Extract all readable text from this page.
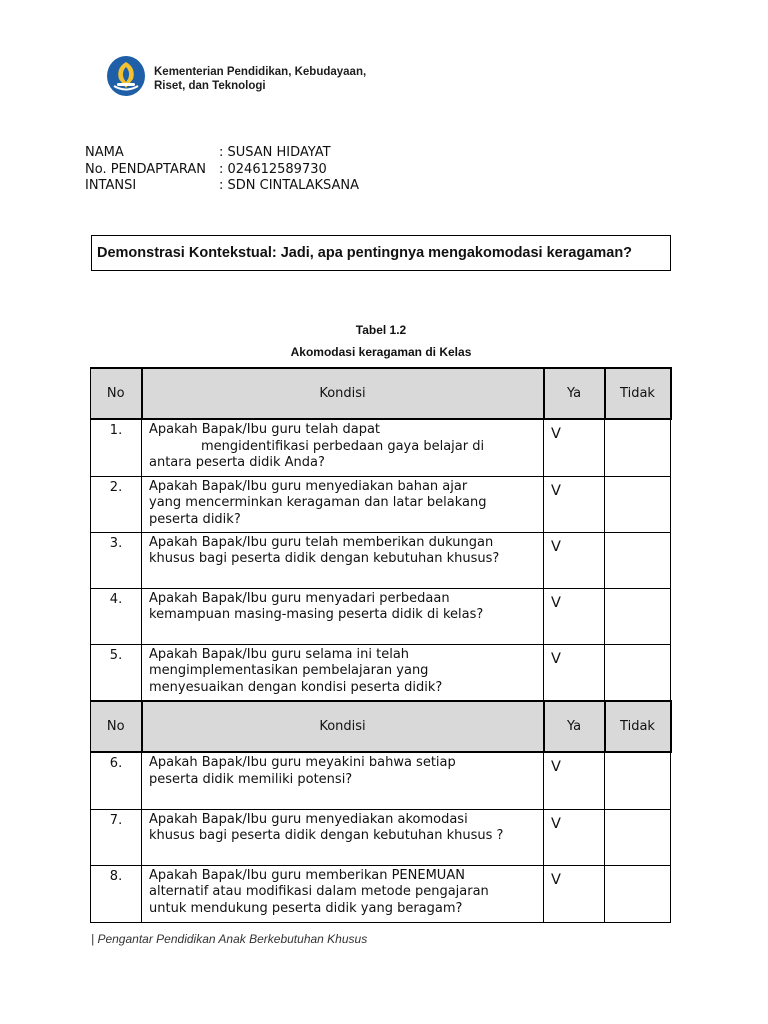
Kementerian Pendidikan, Kebudayaan,
Riset, dan Teknologi
NAMA	: SUSAN HIDAYAT
No. PENDAPTARAN	: 024612589730
INTANSI	: SDN CINTALAKSANA
Demonstrasi Kontekstual: Jadi, apa pentingnya mengakomodasi keragaman?
Tabel 1.2
Akomodasi keragaman di Kelas
No	Kondisi	Ya	Tidak
1.	Apakah Bapak/Ibu guru telah dapat
mengidentifikasi perbedaan gaya belajar di
antara peserta didik Anda?	V	
2.	Apakah Bapak/Ibu guru menyediakan bahan ajar
yang mencerminkan keragaman dan latar belakang
peserta didik?	V	
3.	Apakah Bapak/Ibu guru telah memberikan dukungan
khusus bagi peserta didik dengan kebutuhan khusus?	V	
4.	Apakah Bapak/Ibu guru menyadari perbedaan
kemampuan masing-masing peserta didik di kelas?	V	
5.	Apakah Bapak/Ibu guru selama ini telah
mengimplementasikan pembelajaran yang
menyesuaikan dengan kondisi peserta didik?	V	
No	Kondisi	Ya	Tidak
6.	Apakah Bapak/Ibu guru meyakini bahwa setiap
peserta didik memiliki potensi?	V	
7.	Apakah Bapak/Ibu guru menyediakan akomodasi
khusus bagi peserta didik dengan kebutuhan khusus ?	V	
8.	Apakah Bapak/Ibu guru memberikan PENEMUAN
alternatif atau modifikasi dalam metode pengajaran
untuk mendukung peserta didik yang beragam?	V	
| Pengantar Pendidikan Anak Berkebutuhan Khusus
